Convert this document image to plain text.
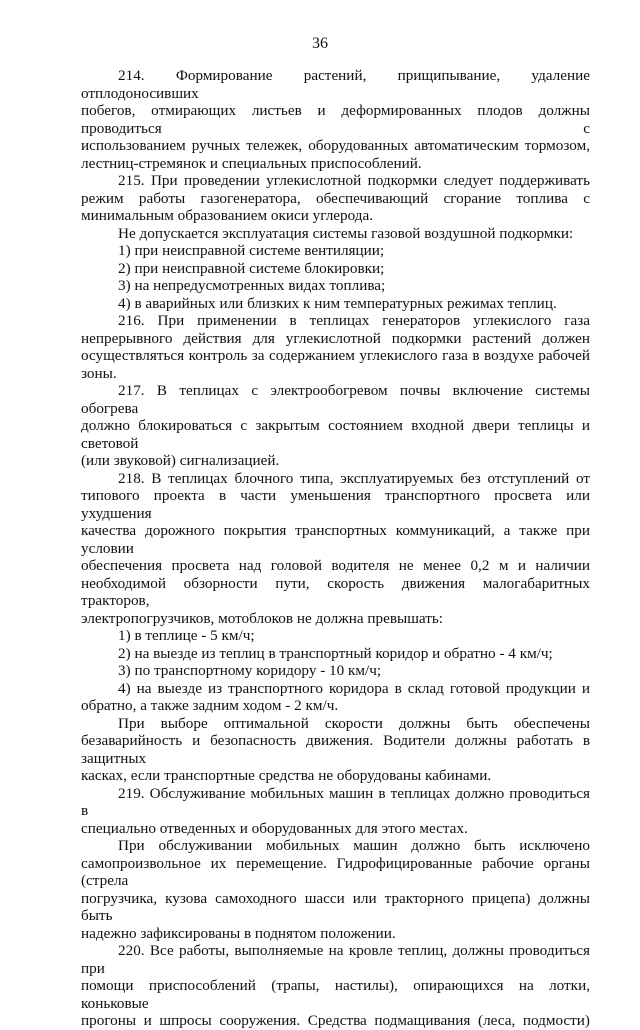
36
214. Формирование растений, прищипывание, удаление отплодоносивших
побегов, отмирающих листьев и деформированных плодов должны проводиться с
использованием ручных тележек, оборудованных автоматическим тормозом,
лестниц-стремянок и специальных приспособлений.
215. При проведении углекислотной подкормки следует поддерживать
режим работы газогенератора, обеспечивающий сгорание топлива с
минимальным образованием окиси углерода.
Не допускается эксплуатация системы газовой воздушной подкормки:
1) при неисправной системе вентиляции;
2) при неисправной системе блокировки;
3) на непредусмотренных видах топлива;
4) в аварийных или близких к ним температурных режимах теплиц.
216. При применении в теплицах генераторов углекислого газа
непрерывного действия для углекислотной подкормки растений должен
осуществляться контроль за содержанием углекислого газа в воздухе рабочей
зоны.
217. В теплицах с электрообогревом почвы включение системы обогрева
должно блокироваться с закрытым состоянием входной двери теплицы и световой
(или звуковой) сигнализацией.
218. В теплицах блочного типа, эксплуатируемых без отступлений от
типового проекта в части уменьшения транспортного просвета или ухудшения
качества дорожного покрытия транспортных коммуникаций, а также при условии
обеспечения просвета над головой водителя не менее 0,2 м и наличии
необходимой обзорности пути, скорость движения малогабаритных тракторов,
электропогрузчиков, мотоблоков не должна превышать:
1) в теплице - 5 км/ч;
2) на выезде из теплиц в транспортный коридор и обратно - 4 км/ч;
3) по транспортному коридору - 10 км/ч;
4) на выезде из транспортного коридора в склад готовой продукции и
обратно, а также задним ходом - 2 км/ч.
При выборе оптимальной скорости должны быть обеспечены
безаварийность и безопасность движения. Водители должны работать в защитных
касках, если транспортные средства не оборудованы кабинами.
219. Обслуживание мобильных машин в теплицах должно проводиться в
специально отведенных и оборудованных для этого местах.
При обслуживании мобильных машин должно быть исключено
самопроизвольное их перемещение. Гидрофицированные рабочие органы (стрела
погрузчика, кузова самоходного шасси или тракторного прицепа) должны быть
надежно зафиксированы в поднятом положении.
220. Все работы, выполняемые на кровле теплиц, должны проводиться при
помощи приспособлений (трапы, настилы), опирающихся на лотки, коньковые
прогоны и шпросы сооружения. Средства подмащивания (леса, подмости)
